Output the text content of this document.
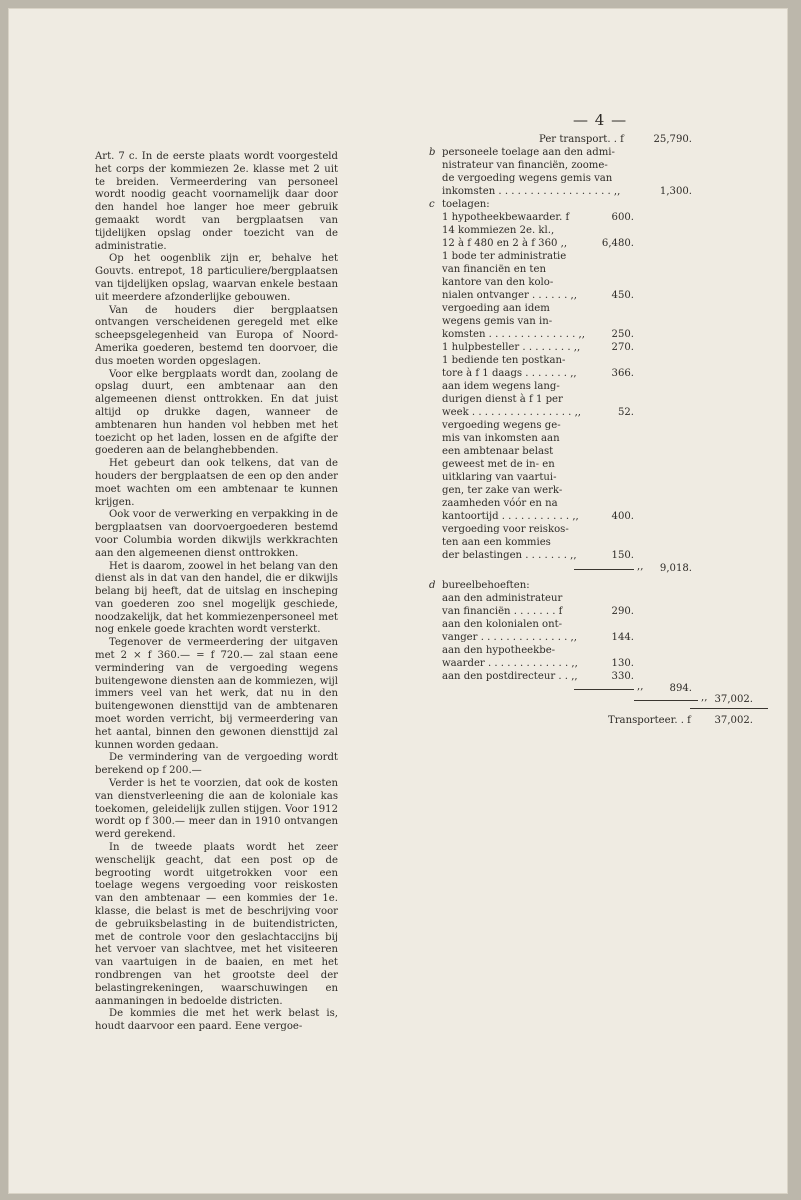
— 4 —

Art. 7 c. In de eerste plaats wordt voorgesteld het corps der kommiezen 2e. klasse met 2 uit te breiden. Vermeerdering van personeel wordt noodig geacht voornamelijk daar door den handel hoe langer hoe meer gebruik gemaakt wordt van bergplaatsen van tijdelijken opslag onder toezicht van de administratie.

Op het oogenblik zijn er, behalve het Gouvts. entrepot, 18 particuliere/bergplaatsen van tijdelijken opslag, waarvan enkele bestaan uit meerdere afzonderlijke gebouwen.

Van de houders dier bergplaatsen ontvangen verscheidenen geregeld met elke scheepsgelegenheid van Europa of Noord-Amerika goederen, bestemd ten doorvoer, die dus moeten worden opgeslagen.

Voor elke bergplaats wordt dan, zoolang de opslag duurt, een ambtenaar aan den algemeenen dienst onttrokken. En dat juist altijd op drukke dagen, wanneer de ambtenaren hun handen vol hebben met het toezicht op het laden, lossen en de afgifte der goederen aan de belanghebbenden.

Het gebeurt dan ook telkens, dat van de houders der bergplaatsen de een op den ander moet wachten om een ambtenaar te kunnen krijgen.

Ook voor de verwerking en verpakking in de bergplaatsen van doorvoergoederen bestemd voor Columbia worden dikwijls werkkrachten aan den algemeenen dienst onttrokken.

Het is daarom, zoowel in het belang van den dienst als in dat van den handel, die er dikwijls belang bij heeft, dat de uitslag en inscheping van goederen zoo snel mogelijk geschiede, noodzakelijk, dat het kommiezenpersoneel met nog enkele goede krachten wordt versterkt.

Tegenover de vermeerdering der uitgaven met 2 × f 360.— = f 720.— zal staan eene vermindering van de vergoeding wegens buitengewone diensten aan de kommiezen, wijl immers veel van het werk, dat nu in den buitengewonen diensttijd van de ambtenaren moet worden verricht, bij vermeerdering van het aantal, binnen den gewonen diensttijd zal kunnen worden gedaan.

De vermindering van de vergoeding wordt berekend op f 200.—

Verder is het te voorzien, dat ook de kosten van dienstverleening die aan de koloniale kas toekomen, geleidelijk zullen stijgen. Voor 1912 wordt op f 300.— meer dan in 1910 ontvangen werd gerekend.

In de tweede plaats wordt het zeer wenschelijk geacht, dat een post op de begrooting wordt uitgetrokken voor een toelage wegens vergoeding voor reiskosten van den ambtenaar — een kommies der 1e. klasse, die belast is met de beschrijving voor de gebruiksbelasting in de buitendistricten, met de controle voor den geslachtaccijns bij het vervoer van slachtvee, met het visiteeren van vaartuigen in de baaien, en met het rondbrengen van het grootste deel der belastingrekeningen, waarschuwingen en aanmaningen in bedoelde districten.

De kommies die met het werk belast is, houdt daarvoor een paard. Eene vergoe-

Per transport. . f	25,790.
b personeele toelage aan den admi-
nistrateur van financiën, zoome-
de vergoeding wegens gemis van
inkomsten . . . . . . . . . . . . . . . . . . ,,	1,300.
c toelagen:
1 hypotheekbewaarder. f	600.
14 kommiezen 2e. kl.,
12 à f 480 en 2 à f 360 ,,	6,480.
1 bode ter administratie
van financiën en ten
kantore van den kolo-
nialen ontvanger . . . . . . ,,	450.
vergoeding aan idem
wegens gemis van in-
komsten . . . . . . . . . . . . . . ,,	250.
1 hulpbesteller . . . . . . . . ,,	270.
1 bediende ten postkan-
tore à f 1 daags . . . . . . . ,,	366.
aan idem wegens lang-
durigen dienst à f 1 per
week . . . . . . . . . . . . . . . . ,,	52.
vergoeding wegens ge-
mis van inkomsten aan
een ambtenaar belast
geweest met de in- en
uitklaring van vaartui-
gen, ter zake van werk-
zaamheden vóór en na
kantoortijd . . . . . . . . . . . ,,	400.
vergoeding voor reiskos-
ten aan een kommies
der belastingen . . . . . . . ,,	150.
,,	9,018.
d bureelbehoeften:
aan den administrateur
van financiën . . . . . . . f	290.
aan den kolonialen ont-
vanger . . . . . . . . . . . . . . ,,	144.
aan den hypotheekbe-
waarder . . . . . . . . . . . . . ,,	130.
aan den postdirecteur . . ,,	330.
,,	894.
,, 37,002.
Transporteer. . f	37,002.
